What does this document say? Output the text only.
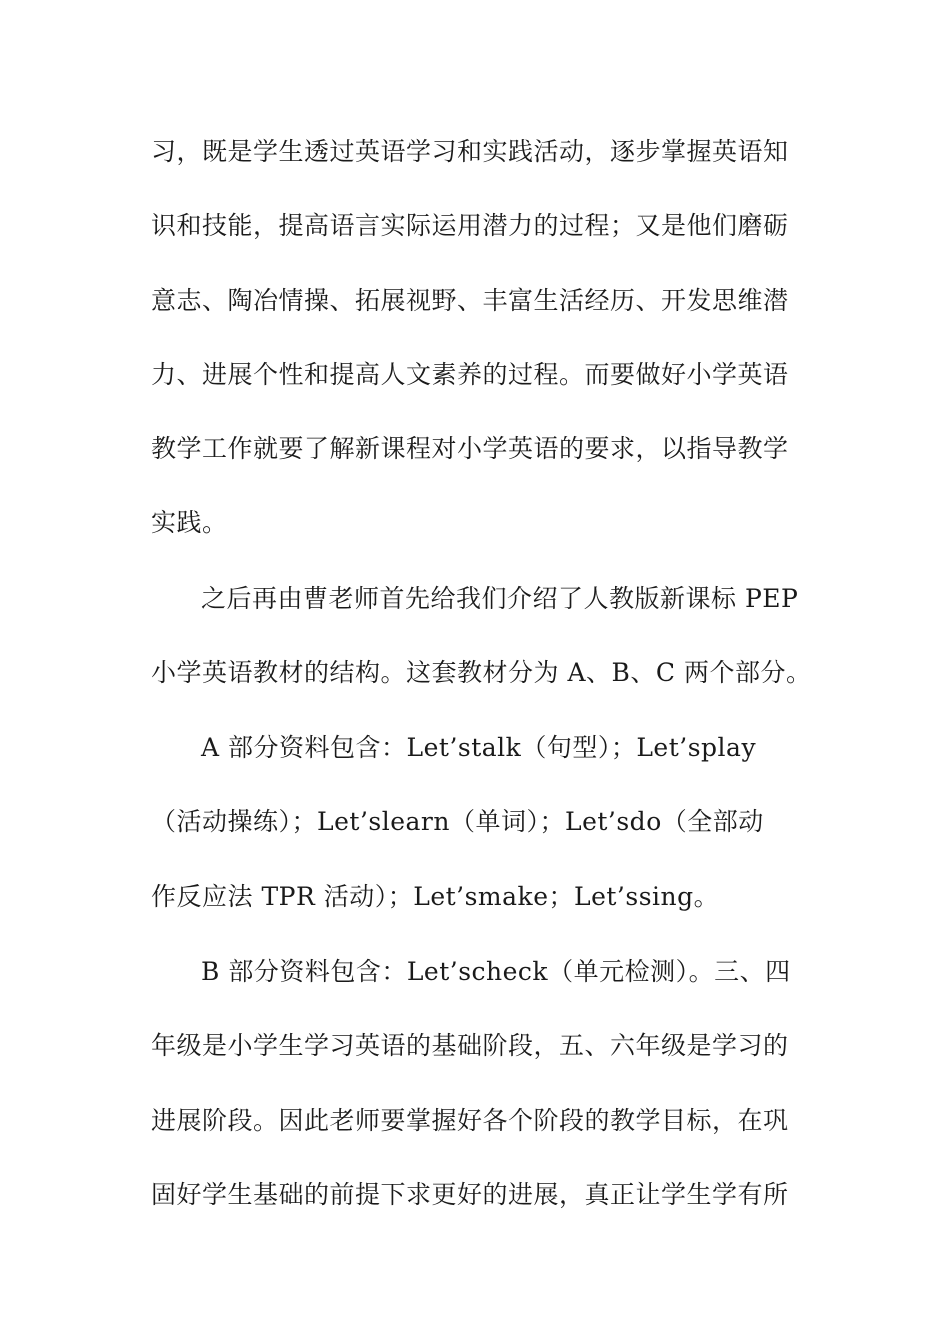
习，既是学生透过英语学习和实践活动，逐步掌握英语知
识和技能，提高语言实际运用潜力的过程；又是他们磨砺
意志、陶冶情操、拓展视野、丰富生活经历、开发思维潜
力、进展个性和提高人文素养的过程。而要做好小学英语
教学工作就要了解新课程对小学英语的要求，以指导教学
实践。
之后再由曹老师首先给我们介绍了人教版新课标 PEP
小学英语教材的结构。这套教材分为 A、B、C 两个部分。
A 部分资料包含：Let’stalk（句型）；Let’splay
（活动操练）；Let’slearn（单词）；Let’sdo（全部动
作反应法 TPR 活动）；Let’smake；Let’ssing。
B 部分资料包含：Let’scheck（单元检测）。三、四
年级是小学生学习英语的基础阶段，五、六年级是学习的
进展阶段。因此老师要掌握好各个阶段的教学目标，在巩
固好学生基础的前提下求更好的进展，真正让学生学有所
